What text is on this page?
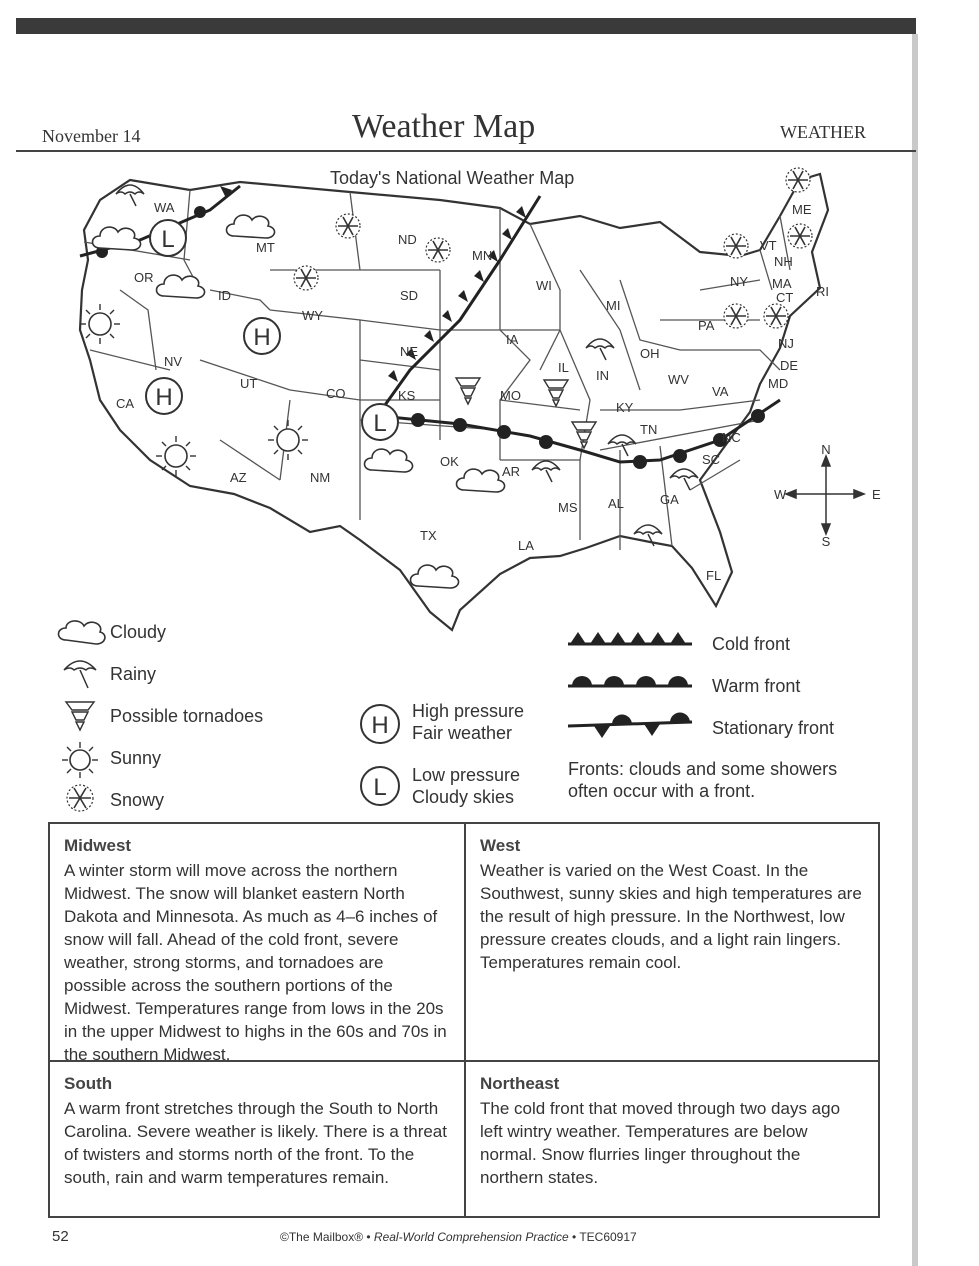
November 14	Weather Map	WEATHER
Today's National Weather Map
H
H
L
L
N
S
E
W
WA
OR
CA
NV
ID
MT
WY
UT
AZ	NM
CO
ND
SD
NE
KS
OK
TX
MN
IA
MO
AR
LA
WI
IL
MI
IN
OH
KY
TN
MS AL	GA
FL
SC
NC
VA
WV
PA
NY
VT
NH
ME
MA
CT RI
NJ
DE
MD
Cloudy
Rainy
Possible tornadoes
Sunny
Snowy
H
High pressure
Fair weather
L Low pressure
Cloudy skies
Cold front
Warm front
Stationary front
Fronts: clouds and some showers
often occur with a front.
Midwest

A winter storm will move across the northern Midwest. The snow will blanket eastern North Dakota and Minnesota. As much as 4–6 inches of snow will fall. Ahead of the cold front, severe weather, strong storms, and tornadoes are possible across the southern portions of the Midwest. Temperatures range from lows in the 20s in the upper Midwest to highs in the 60s and 70s in the southern Midwest.

West

Weather is varied on the West Coast. In the Southwest, sunny skies and high temperatures are the result of high pressure. In the Northwest, low pressure creates clouds, and a light rain lingers. Temperatures remain cool.

South

A warm front stretches through the South to North Carolina. Severe weather is likely. There is a threat of twisters and storms north of the front. To the south, rain and warm temperatures remain.

Northeast

The cold front that moved through two days ago left wintry weather. Temperatures are below normal. Snow flurries linger throughout the northern states.

52	©The Mailbox® • Real-World Comprehension Practice • TEC60917
